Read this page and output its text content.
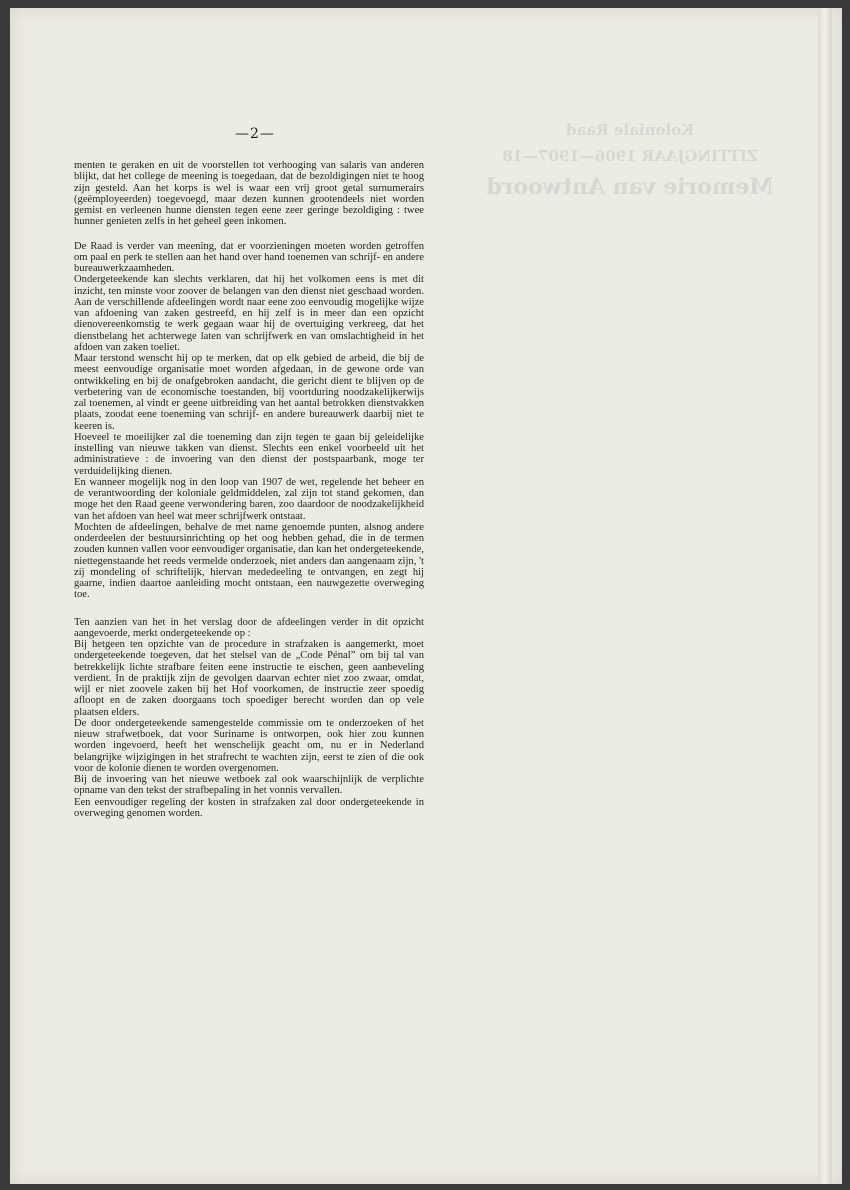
Koloniale Raad
ZITTINGJAAR 1906—1907—18
Memorie van Antwoord
—2—

menten te geraken en uit de voorstellen tot verhooging van salaris van anderen blijkt, dat het college de meening is toegedaan, dat de bezoldigingen niet te hoog zijn gesteld. Aan het korps is wel is waar een vrij groot getal surnumerairs (geëmployeerden) toegevoegd, maar dezen kunnen grootendeels niet worden gemist en verleenen hunne diensten tegen eene zeer geringe bezoldiging : twee hunner genieten zelfs in het geheel geen inkomen.

De Raad is verder van meening, dat er voorzieningen moeten worden getroffen om paal en perk te stellen aan het hand over hand toenemen van schrijf- en andere bureauwerkzaamheden.

Ondergeteekende kan slechts verklaren, dat hij het volkomen eens is met dit inzicht, ten minste voor zoover de belangen van den dienst niet geschaad worden. Aan de verschillende afdeelingen wordt naar eene zoo eenvoudig mogelijke wijze van afdoening van zaken gestreefd, en hij zelf is in meer dan een opzicht dienovereenkomstig te werk gegaan waar hij de overtuiging verkreeg, dat het dienstbelang het achterwege laten van schrijfwerk en van omslachtigheid in het afdoen van zaken toeliet.

Maar terstond wenscht hij op te merken, dat op elk gebied de arbeid, die bij de meest eenvoudige organisatie moet worden afgedaan, in de gewone orde van ontwikkeling en bij de onafgebroken aandacht, die gericht dient te blijven op de verbetering van de economische toestanden, bij voortduring noodzakelijkerwijs zal toenemen, al vindt er geene uitbreiding van het aantal betrokken dienstvakken plaats, zoodat eene toeneming van schrijf- en andere bureauwerk daarbij niet te keeren is.

Hoeveel te moeilijker zal die toeneming dan zijn tegen te gaan bij geleidelijke instelling van nieuwe takken van dienst. Slechts een enkel voorbeeld uit het administratieve : de invoering van den dienst der postspaarbank, moge ter verduidelijking dienen.

En wanneer mogelijk nog in den loop van 1907 de wet, regelende het beheer en de verantwoording der koloniale geldmiddelen, zal zijn tot stand gekomen, dan moge het den Raad geene verwondering baren, zoo daardoor de noodzakelijkheid van het afdoen van heel wat meer schrijfwerk ontstaat.

Mochten de afdeelingen, behalve de met name genoemde punten, alsnog andere onderdeelen der bestuursinrichting op het oog hebben gehad, die in de termen zouden kunnen vallen voor eenvoudiger organisatie, dan kan het ondergeteekende, niettegenstaande het reeds vermelde onderzoek, niet anders dan aangenaam zijn, 't zij mondeling of schriftelijk, hiervan mededeeling te ontvangen, en zegt hij gaarne, indien daartoe aanleiding mocht ontstaan, een nauwgezette overweging toe.

Ten aanzien van het in het verslag door de afdeelingen verder in dit opzicht aangevoerde, merkt ondergeteekende op :

Bij hetgeen ten opzichte van de procedure in strafzaken is aangemerkt, moet ondergeteekende toegeven, dat het stelsel van de „Code Pénal” om bij tal van betrekkelijk lichte strafbare feiten eene instructie te eischen, geen aanbeveling verdient. In de praktijk zijn de gevolgen daarvan echter niet zoo zwaar, omdat, wijl er niet zoovele zaken bij het Hof voorkomen, de instructie zeer spoedig afloopt en de zaken doorgaans toch spoediger berecht worden dan op vele plaatsen elders.

De door ondergeteekende samengestelde commissie om te onderzoeken of het nieuw strafwetboek, dat voor Suriname is ontworpen, ook hier zou kunnen worden ingevoerd, heeft het wenschelijk geacht om, nu er in Nederland belangrijke wijzigingen in het strafrecht te wachten zijn, eerst te zien of die ook voor de kolonie dienen te worden overgenomen.

Bij de invoering van het nieuwe wetboek zal ook waarschijnlijk de verplichte opname van den tekst der strafbepaling in het vonnis vervallen.

Een eenvoudiger regeling der kosten in strafzaken zal door ondergeteekende in overweging genomen worden.
